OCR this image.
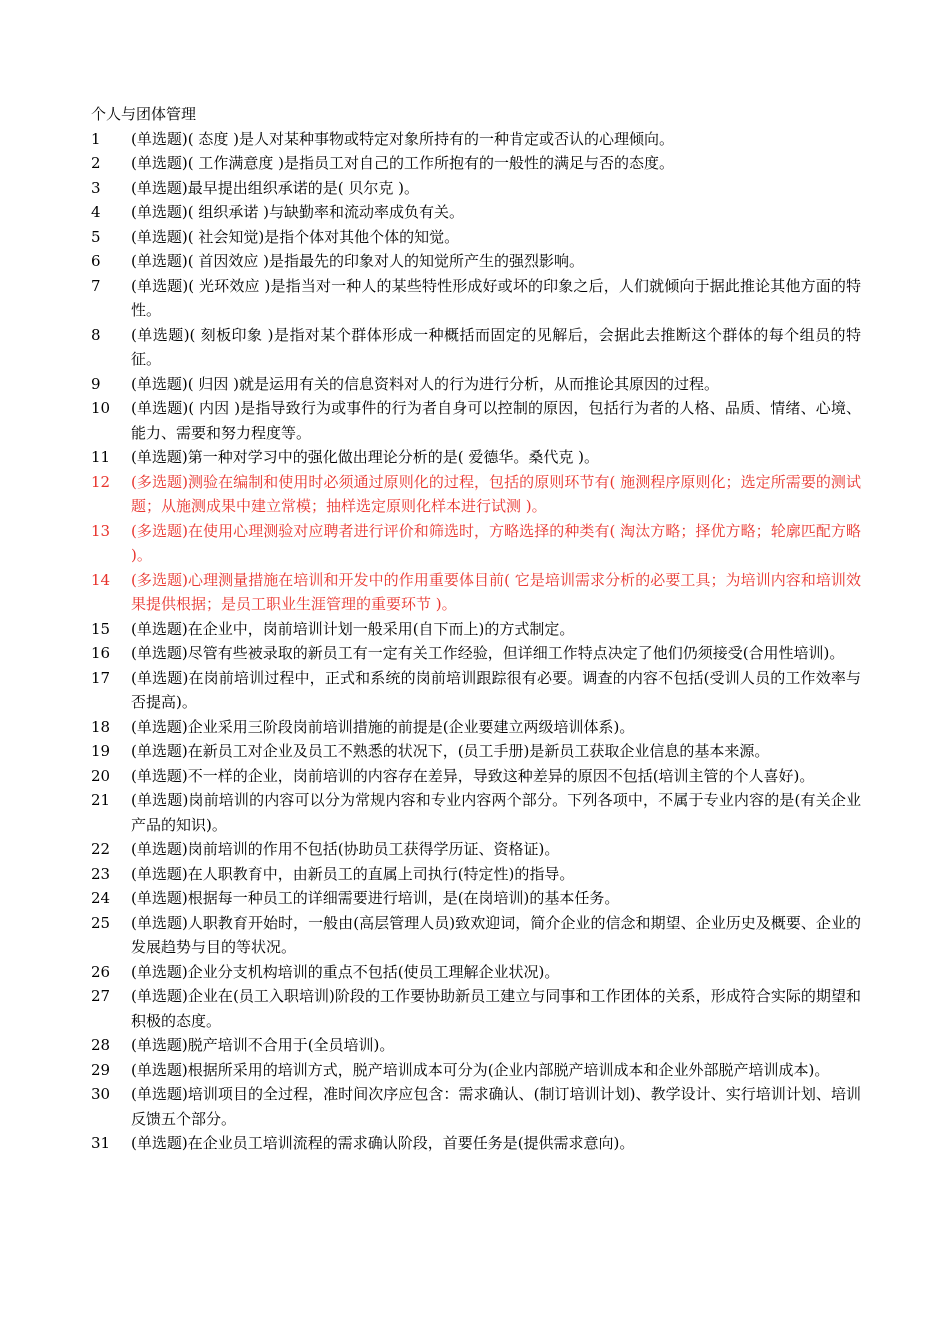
个人与团体管理
1 (单选题)( 态度 )是人对某种事物或特定对象所持有的一种肯定或否认的心理倾向。
2 (单选题)( 工作满意度 )是指员工对自己的工作所抱有的一般性的满足与否的态度。
3 (单选题)最早提出组织承诺的是( 贝尔克 )。
4 (单选题)( 组织承诺 )与缺勤率和流动率成负有关。
5 (单选题)( 社会知觉)是指个体对其他个体的知觉。
6 (单选题)( 首因效应 )是指最先的印象对人的知觉所产生的强烈影响。
7 (单选题)( 光环效应 )是指当对一种人的某些特性形成好或坏的印象之后，人们就倾向于据此推论其他方面的特性。
8 (单选题)( 刻板印象 )是指对某个群体形成一种概括而固定的见解后，会据此去推断这个群体的每个组员的特征。
9 (单选题)( 归因 )就是运用有关的信息资料对人的行为进行分析，从而推论其原因的过程。
10 (单选题)( 内因 )是指导致行为或事件的行为者自身可以控制的原因，包括行为者的人格、品质、情绪、心境、能力、需要和努力程度等。
11 (单选题)第一种对学习中的强化做出理论分析的是( 爱德华。桑代克 )。
12 (多选题)测验在编制和使用时必须通过原则化的过程，包括的原则环节有( 施测程序原则化；选定所需要的测试题；从施测成果中建立常模；抽样选定原则化样本进行试测 )。
13 (多选题)在使用心理测验对应聘者进行评价和筛选时，方略选择的种类有( 淘汰方略；择优方略；轮廓匹配方略 )。
14 (多选题)心理测量措施在培训和开发中的作用重要体目前( 它是培训需求分析的必要工具；为培训内容和培训效果提供根据；是员工职业生涯管理的重要环节 )。
15 (单选题)在企业中，岗前培训计划一般采用(自下而上)的方式制定。
16 (单选题)尽管有些被录取的新员工有一定有关工作经验，但详细工作特点决定了他们仍须接受(合用性培训)。
17 (单选题)在岗前培训过程中，正式和系统的岗前培训跟踪很有必要。调查的内容不包括(受训人员的工作效率与否提高)。
18 (单选题)企业采用三阶段岗前培训措施的前提是(企业要建立两级培训体系)。
19 (单选题)在新员工对企业及员工不熟悉的状况下，(员工手册)是新员工获取企业信息的基本来源。
20 (单选题)不一样的企业，岗前培训的内容存在差异，导致这种差异的原因不包括(培训主管的个人喜好)。
21 (单选题)岗前培训的内容可以分为常规内容和专业内容两个部分。下列各项中，不属于专业内容的是(有关企业产品的知识)。
22 (单选题)岗前培训的作用不包括(协助员工获得学历证、资格证)。
23 (单选题)在人职教育中，由新员工的直属上司执行(特定性)的指导。
24 (单选题)根据每一种员工的详细需要进行培训，是(在岗培训)的基本任务。
25 (单选题)人职教育开始时，一般由(高层管理人员)致欢迎词，简介企业的信念和期望、企业历史及概要、企业的发展趋势与目的等状况。
26 (单选题)企业分支机构培训的重点不包括(使员工理解企业状况)。
27 (单选题)企业在(员工入职培训)阶段的工作要协助新员工建立与同事和工作团体的关系，形成符合实际的期望和积极的态度。
28 (单选题)脱产培训不合用于(全员培训)。
29 (单选题)根据所采用的培训方式，脱产培训成本可分为(企业内部脱产培训成本和企业外部脱产培训成本)。
30 (单选题)培训项目的全过程，准时间次序应包含：需求确认、(制订培训计划)、教学设计、实行培训计划、培训反馈五个部分。
31 (单选题)在企业员工培训流程的需求确认阶段，首要任务是(提供需求意向)。
